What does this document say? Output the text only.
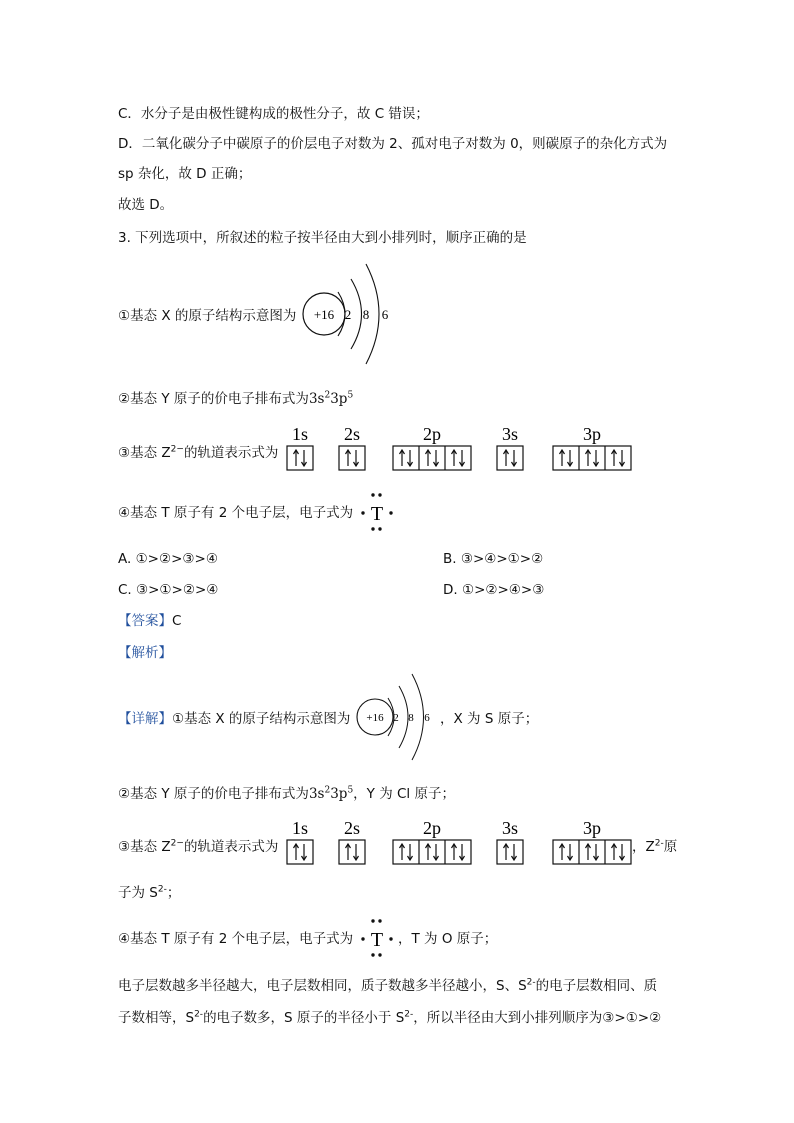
C．水分子是由极性键构成的极性分子，故 C 错误；
D．二氧化碳分子中碳原子的价层电子对数为 2、孤对电子对数为 0，则碳原子的杂化方式为
sp 杂化，故 D 正确；
故选 D。
3. 下列选项中，所叙述的粒子按半径由大到小排列时，顺序正确的是
①基态 X 的原子结构示意图为 +16 2 8 6
②基态 Y 原子的价电子排布式为$3s^23p^5$
③基态 $Z^{2-}$的轨道表示式为
1s 2s	2p	3s	3p
④基态 T 原子有 2 个电子层，电子式为 T
A. ①>②>③>④	B. ③>④>①>②
C. ③>①>②>④	D. ①>②>④>③
【答案】C
【解析】
【详解】①基态 X 的原子结构示意图为	，X 为 S 原子；
+16 2 8 6
②基态 Y 原子的价电子排布式为$3s^23p^5$，Y 为 Cl 原子；
③基态 $Z^{2-}$的轨道表示式为
1s 2s	2p	3s	3p
，$Z^{2-}$原
子为 $S^{2-}$；
④基态 T 原子有 2 个电子层，电子式为 T ，T 为 O 原子；
电子层数越多半径越大，电子层数相同，质子数越多半径越小，S、$S^{2-}$的电子层数相同、质
子数相等，$S^{2-}$的电子数多，S 原子的半径小于 $S^{2-}$，所以半径由大到小排列顺序为③>①>②
